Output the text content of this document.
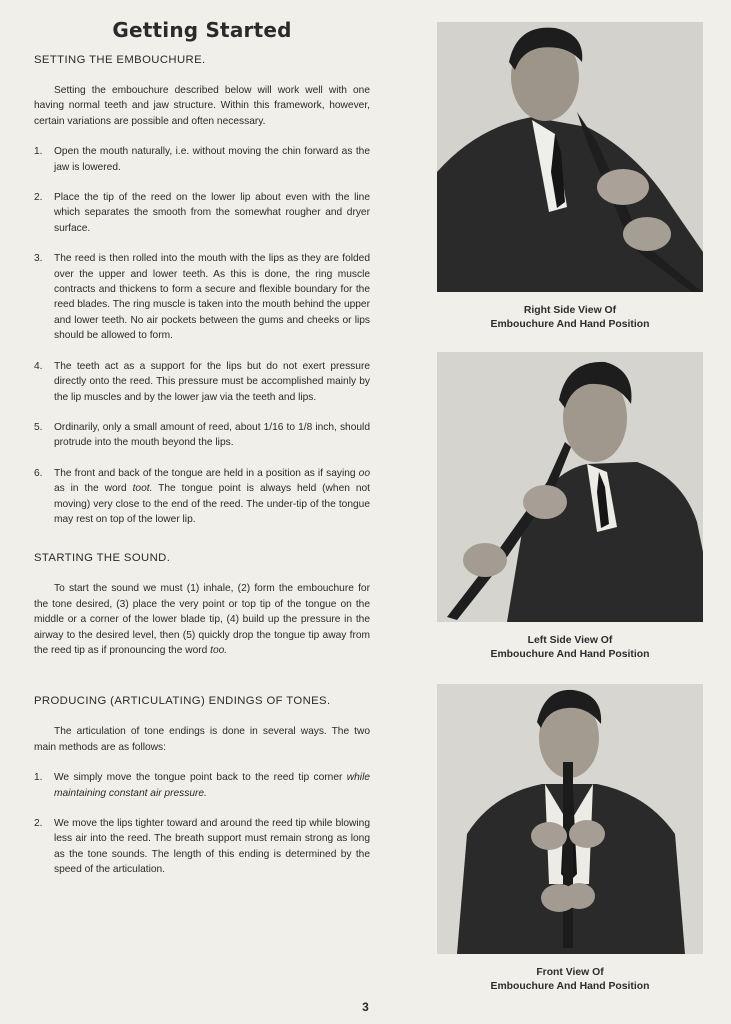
Getting Started
SETTING THE EMBOUCHURE.

Setting the embouchure described below will work well with one having normal teeth and jaw structure. Within this framework, however, certain variations are possible and often necessary.

1. Open the mouth naturally, i.e. without moving the chin forward as the jaw is lowered.
2. Place the tip of the reed on the lower lip about even with the line which separates the smooth from the somewhat rougher and dryer surface.
3. The reed is then rolled into the mouth with the lips as they are folded over the upper and lower teeth. As this is done, the ring muscle contracts and thickens to form a secure and flexible boundary for the reed blades. The ring muscle is taken into the mouth behind the upper and lower teeth. No air pockets between the gums and cheeks or lips should be allowed to form.
4. The teeth act as a support for the lips but do not exert pressure directly onto the reed. This pressure must be accomplished mainly by the lip muscles and by the lower jaw via the teeth and lips.
5. Ordinarily, only a small amount of reed, about 1/16 to 1/8 inch, should protrude into the mouth beyond the lips.
6. The front and back of the tongue are held in a position as if saying oo as in the word toot. The tongue point is always held (when not moving) very close to the end of the reed. The under-tip of the tongue may rest on top of the lower lip.
STARTING THE SOUND.

To start the sound we must (1) inhale, (2) form the embouchure for the tone desired, (3) place the very point or top tip of the tongue on the middle or a corner of the lower blade tip, (4) build up the pressure in the airway to the desired level, then (5) quickly drop the tongue tip away from the reed tip as if pronouncing the word too.

PRODUCING (ARTICULATING) ENDINGS OF TONES.

The articulation of tone endings is done in several ways. The two main methods are as follows:

1. We simply move the tongue point back to the reed tip corner while maintaining constant air pressure.
2. We move the lips tighter toward and around the reed tip while blowing less air into the reed. The breath support must remain strong as long as the tone sounds. The length of this ending is determined by the speed of the articulation.
Right Side View Of
Embouchure And Hand Position
Left Side View Of
Embouchure And Hand Position
Front View Of
Embouchure And Hand Position
3
